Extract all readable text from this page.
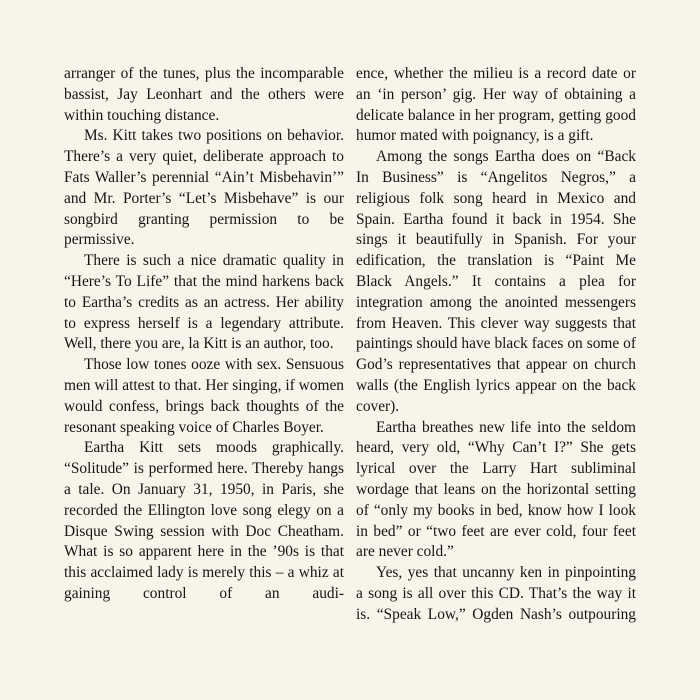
arranger of the tunes, plus the incomparable bassist, Jay Leonhart and the others were within touching distance.

Ms. Kitt takes two positions on behavior. There’s a very quiet, deliberate approach to Fats Waller’s perennial “Ain’t Misbehavin’” and Mr. Porter’s “Let’s Misbehave” is our songbird granting permission to be permissive.

There is such a nice dramatic quality in “Here’s To Life” that the mind harkens back to Eartha’s credits as an actress. Her ability to express herself is a legendary attribute. Well, there you are, la Kitt is an author, too.

Those low tones ooze with sex. Sensuous men will attest to that. Her singing, if women would confess, brings back thoughts of the resonant speaking voice of Charles Boyer.

Eartha Kitt sets moods graphically. “Solitude” is performed here. Thereby hangs a tale. On January 31, 1950, in Paris, she recorded the Ellington love song elegy on a Disque Swing session with Doc Cheatham. What is so apparent here in the ’90s is that this acclaimed lady is merely this – a whiz at gaining control of an audi-

ence, whether the milieu is a record date or an ‘in person’ gig. Her way of obtaining a delicate balance in her program, getting good humor mated with poignancy, is a gift.

Among the songs Eartha does on “Back In Business” is “Angelitos Negros,” a religious folk song heard in Mexico and Spain. Eartha found it back in 1954. She sings it beautifully in Spanish. For your edification, the translation is “Paint Me Black Angels.” It contains a plea for integration among the anointed messengers from Heaven. This clever way suggests that paintings should have black faces on some of God’s representatives that appear on church walls (the English lyrics appear on the back cover).

Eartha breathes new life into the seldom heard, very old, “Why Can’t I?” She gets lyrical over the Larry Hart subliminal wordage that leans on the horizontal setting of “only my books in bed, know how I look in bed” or “two feet are ever cold, four feet are never cold.”

Yes, yes that uncanny ken in pinpointing a song is all over this CD. That’s the way it is. “Speak Low,” Ogden Nash’s outpouring
